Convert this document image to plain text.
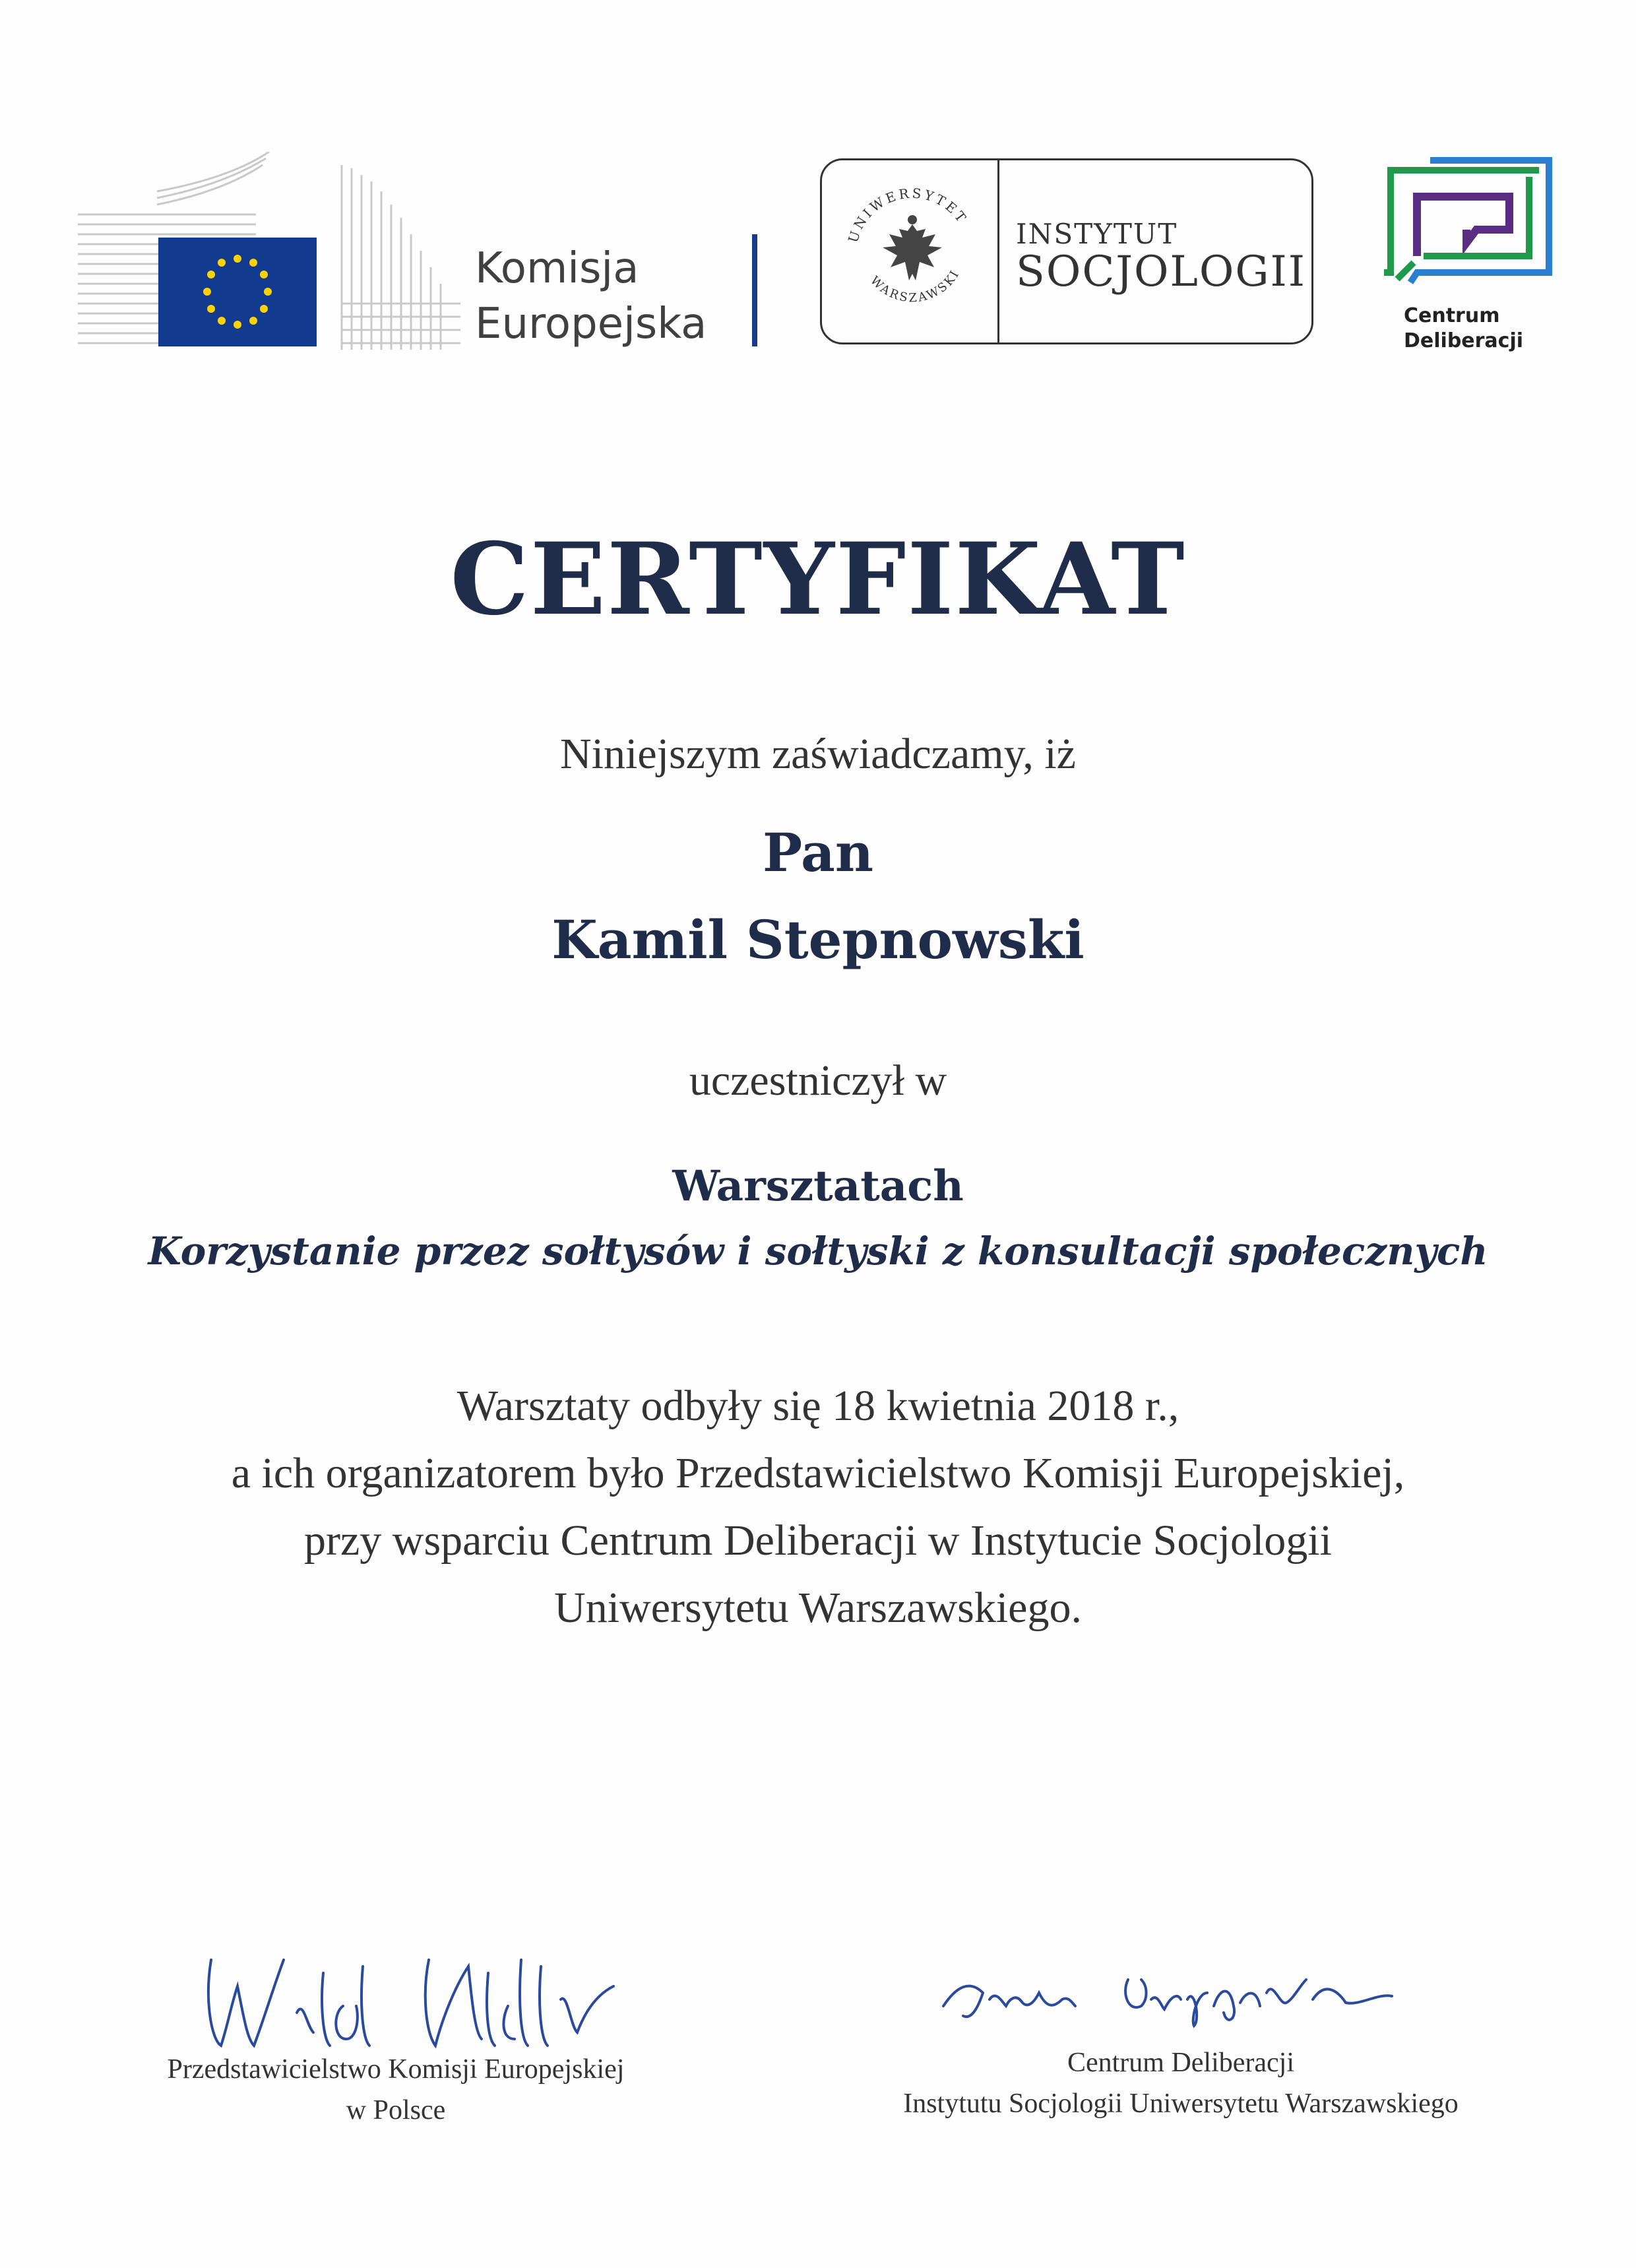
Komisja
Europejska
UNIWERSYTET
WARSZAWSKI
INSTYTUT
SOCJOLOGII
Centrum
Deliberacji
CERTYFIKAT
Niniejszym zaświadczamy, iż
Pan
Kamil Stepnowski
uczestniczył w
Warsztatach
Korzystanie przez sołtysów i sołtyski z konsultacji społecznych
Warsztaty odbyły się 18 kwietnia 2018 r.,
a ich organizatorem było Przedstawicielstwo Komisji Europejskiej,
przy wsparciu Centrum Deliberacji w Instytucie Socjologii
Uniwersytetu Warszawskiego.
Przedstawicielstwo Komisji Europejskiej
w Polsce
Centrum Deliberacji
Instytutu Socjologii Uniwersytetu Warszawskiego
